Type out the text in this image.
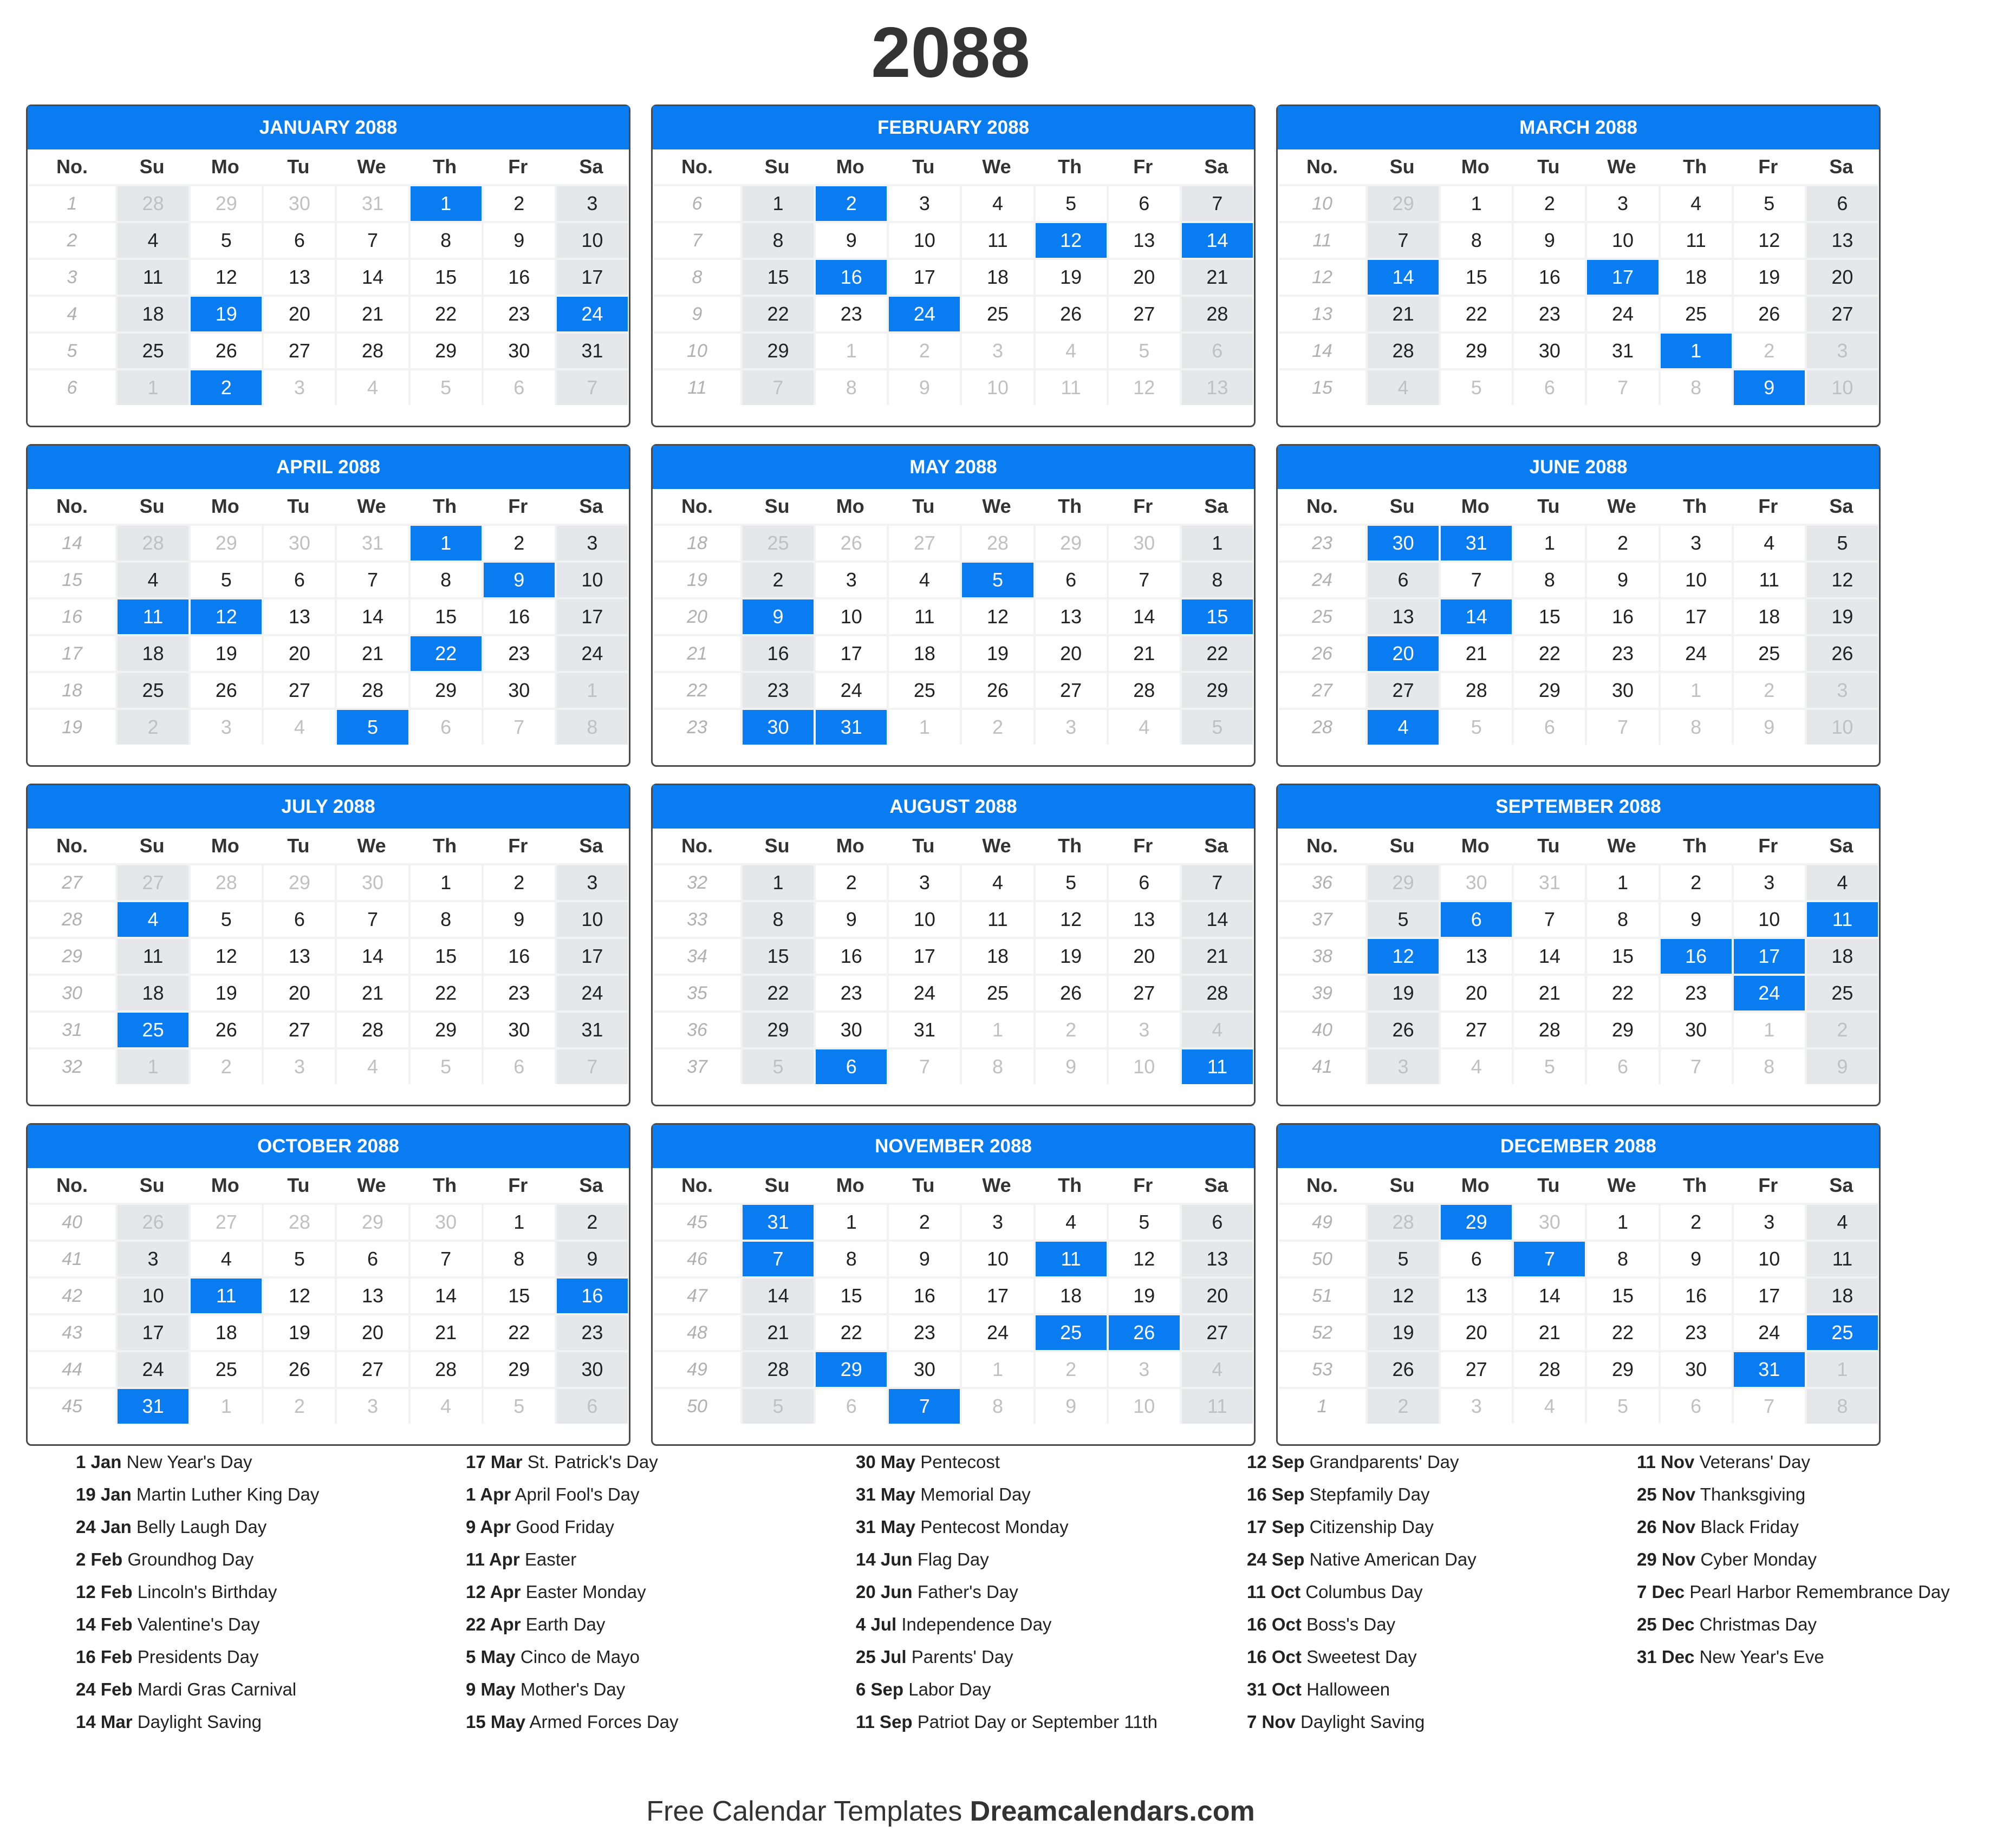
2088
JANUARY 2088
No.	Su	Mo	Tu	We	Th	Fr	Sa
1	28	29	30	31	1	2	3
2	4	5	6	7	8	9	10
3	11	12	13	14	15	16	17
4	18	19	20	21	22	23	24
5	25	26	27	28	29	30	31
6	1	2	3	4	5	6	7
FEBRUARY 2088
No.	Su	Mo	Tu	We	Th	Fr	Sa
6	1	2	3	4	5	6	7
7	8	9	10	11	12	13	14
8	15	16	17	18	19	20	21
9	22	23	24	25	26	27	28
10	29	1	2	3	4	5	6
11	7	8	9	10	11	12	13
MARCH 2088
No.	Su	Mo	Tu	We	Th	Fr	Sa
10	29	1	2	3	4	5	6
11	7	8	9	10	11	12	13
12	14	15	16	17	18	19	20
13	21	22	23	24	25	26	27
14	28	29	30	31	1	2	3
15	4	5	6	7	8	9	10
APRIL 2088
No.	Su	Mo	Tu	We	Th	Fr	Sa
14	28	29	30	31	1	2	3
15	4	5	6	7	8	9	10
16	11	12	13	14	15	16	17
17	18	19	20	21	22	23	24
18	25	26	27	28	29	30	1
19	2	3	4	5	6	7	8
MAY 2088
No.	Su	Mo	Tu	We	Th	Fr	Sa
18	25	26	27	28	29	30	1
19	2	3	4	5	6	7	8
20	9	10	11	12	13	14	15
21	16	17	18	19	20	21	22
22	23	24	25	26	27	28	29
23	30	31	1	2	3	4	5
JUNE 2088
No.	Su	Mo	Tu	We	Th	Fr	Sa
23	30	31	1	2	3	4	5
24	6	7	8	9	10	11	12
25	13	14	15	16	17	18	19
26	20	21	22	23	24	25	26
27	27	28	29	30	1	2	3
28	4	5	6	7	8	9	10
JULY 2088
No.	Su	Mo	Tu	We	Th	Fr	Sa
27	27	28	29	30	1	2	3
28	4	5	6	7	8	9	10
29	11	12	13	14	15	16	17
30	18	19	20	21	22	23	24
31	25	26	27	28	29	30	31
32	1	2	3	4	5	6	7
AUGUST 2088
No.	Su	Mo	Tu	We	Th	Fr	Sa
32	1	2	3	4	5	6	7
33	8	9	10	11	12	13	14
34	15	16	17	18	19	20	21
35	22	23	24	25	26	27	28
36	29	30	31	1	2	3	4
37	5	6	7	8	9	10	11
SEPTEMBER 2088
No.	Su	Mo	Tu	We	Th	Fr	Sa
36	29	30	31	1	2	3	4
37	5	6	7	8	9	10	11
38	12	13	14	15	16	17	18
39	19	20	21	22	23	24	25
40	26	27	28	29	30	1	2
41	3	4	5	6	7	8	9
OCTOBER 2088
No.	Su	Mo	Tu	We	Th	Fr	Sa
40	26	27	28	29	30	1	2
41	3	4	5	6	7	8	9
42	10	11	12	13	14	15	16
43	17	18	19	20	21	22	23
44	24	25	26	27	28	29	30
45	31	1	2	3	4	5	6
NOVEMBER 2088
No.	Su	Mo	Tu	We	Th	Fr	Sa
45	31	1	2	3	4	5	6
46	7	8	9	10	11	12	13
47	14	15	16	17	18	19	20
48	21	22	23	24	25	26	27
49	28	29	30	1	2	3	4
50	5	6	7	8	9	10	11
DECEMBER 2088
No.	Su	Mo	Tu	We	Th	Fr	Sa
49	28	29	30	1	2	3	4
50	5	6	7	8	9	10	11
51	12	13	14	15	16	17	18
52	19	20	21	22	23	24	25
53	26	27	28	29	30	31	1
1	2	3	4	5	6	7	8
1 Jan New Year's Day
19 Jan Martin Luther King Day
24 Jan Belly Laugh Day
2 Feb Groundhog Day
12 Feb Lincoln's Birthday
14 Feb Valentine's Day
16 Feb Presidents Day
24 Feb Mardi Gras Carnival
14 Mar Daylight Saving
17 Mar St. Patrick's Day
1 Apr April Fool's Day
9 Apr Good Friday
11 Apr Easter
12 Apr Easter Monday
22 Apr Earth Day
5 May Cinco de Mayo
9 May Mother's Day
15 May Armed Forces Day
30 May Pentecost
31 May Memorial Day
31 May Pentecost Monday
14 Jun Flag Day
20 Jun Father's Day
4 Jul Independence Day
25 Jul Parents' Day
6 Sep Labor Day
11 Sep Patriot Day or September 11th
12 Sep Grandparents' Day
16 Sep Stepfamily Day
17 Sep Citizenship Day
24 Sep Native American Day
11 Oct Columbus Day
16 Oct Boss's Day
16 Oct Sweetest Day
31 Oct Halloween
7 Nov Daylight Saving
11 Nov Veterans' Day
25 Nov Thanksgiving
26 Nov Black Friday
29 Nov Cyber Monday
7 Dec Pearl Harbor Remembrance Day
25 Dec Christmas Day
31 Dec New Year's Eve
Free Calendar Templates Dreamcalendars.com
